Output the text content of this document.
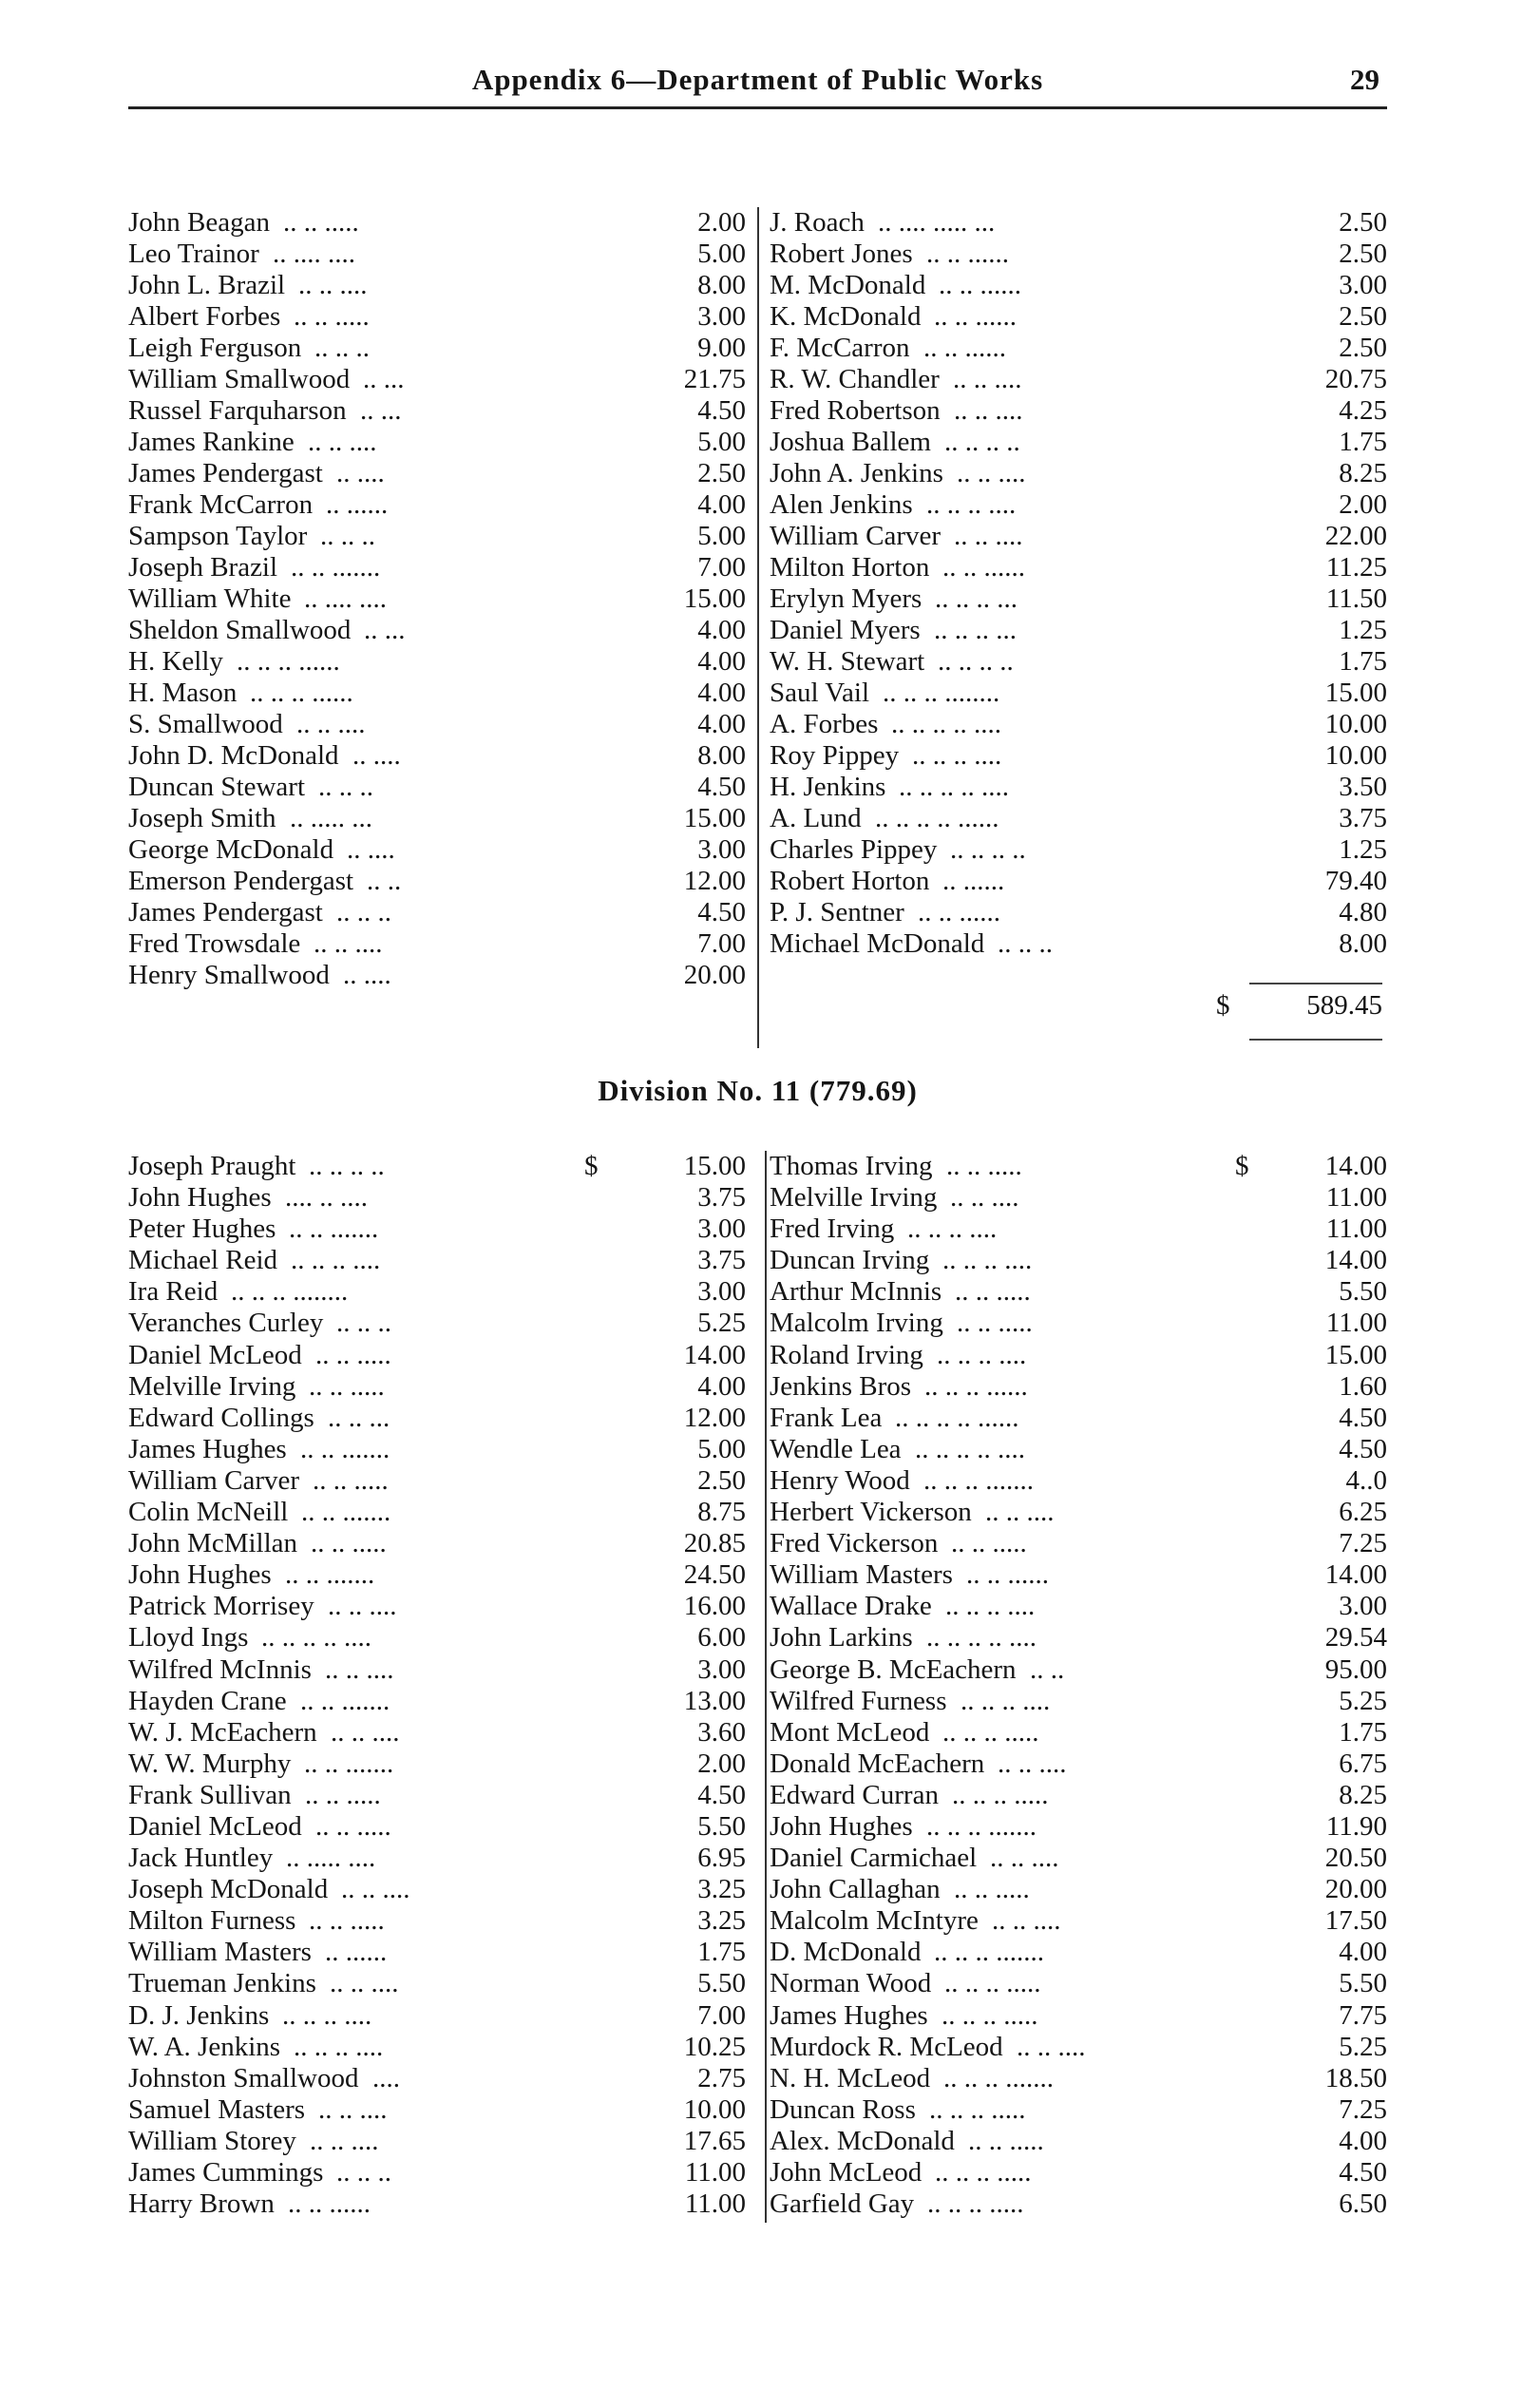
Appendix 6—Department of Public Works	29
John Beagan .. .. .....	2.00
Leo Trainor .. .... ....	5.00
John L. Brazil .. .. ....	8.00
Albert Forbes .. .. .....	3.00
Leigh Ferguson .. .. ..	9.00
William Smallwood .. ...	21.75
Russel Farquharson .. ...	4.50
James Rankine .. .. ....	5.00
James Pendergast .. ....	2.50
Frank McCarron .. ......	4.00
Sampson Taylor .. .. ..	5.00
Joseph Brazil .. .. .......	7.00
William White .. .... ....	15.00
Sheldon Smallwood .. ...	4.00
H. Kelly .. .. .. ......	4.00
H. Mason .. .. .. ......	4.00
S. Smallwood .. .. ....	4.00
John D. McDonald .. ....	8.00
Duncan Stewart .. .. ..	4.50
Joseph Smith .. ..... ...	15.00
George McDonald .. ....	3.00
Emerson Pendergast .. ..	12.00
James Pendergast .. .. ..	4.50
Fred Trowsdale .. .. ....	7.00
Henry Smallwood .. ....	20.00
J. Roach .. .... ..... ...	2.50
Robert Jones .. .. ......	2.50
M. McDonald .. .. ......	3.00
K. McDonald .. .. ......	2.50
F. McCarron .. .. ......	2.50
R. W. Chandler .. .. ....	20.75
Fred Robertson .. .. ....	4.25
Joshua Ballem .. .. .. ..	1.75
John A. Jenkins .. .. ....	8.25
Alen Jenkins .. .. .. ....	2.00
William Carver .. .. ....	22.00
Milton Horton .. .. ......	11.25
Erylyn Myers .. .. .. ...	11.50
Daniel Myers .. .. .. ...	1.25
W. H. Stewart .. .. .. ..	1.75
Saul Vail .. .. .. ........	15.00
A. Forbes .. .. .. .. ....	10.00
Roy Pippey .. .. .. ....	10.00
H. Jenkins .. .. .. .. ....	3.50
A. Lund .. .. .. .. ......	3.75
Charles Pippey .. .. .. ..	1.25
Robert Horton .. ......	79.40
P. J. Sentner .. .. ......	4.80
Michael McDonald .. .. ..	8.00
$	589.45
Division No. 11 (779.69)
Joseph Praught .. .. .. ..	$	15.00
John Hughes .... .. ....	3.75
Peter Hughes .. .. .......	3.00
Michael Reid .. .. .. ....	3.75
Ira Reid .. .. .. ........	3.00
Veranches Curley .. .. ..	5.25
Daniel McLeod .. .. .....	14.00
Melville Irving .. .. .....	4.00
Edward Collings .. .. ...	12.00
James Hughes .. .. .......	5.00
William Carver .. .. .....	2.50
Colin McNeill .. .. .......	8.75
John McMillan .. .. .....	20.85
John Hughes .. .. .......	24.50
Patrick Morrisey .. .. ....	16.00
Lloyd Ings .. .. .. .. ....	6.00
Wilfred McInnis .. .. ....	3.00
Hayden Crane .. .. .......	13.00
W. J. McEachern .. .. ....	3.60
W. W. Murphy .. .. .......	2.00
Frank Sullivan .. .. .....	4.50
Daniel McLeod .. .. .....	5.50
Jack Huntley .. ..... ....	6.95
Joseph McDonald .. .. ....	3.25
Milton Furness .. .. .....	3.25
William Masters .. ......	1.75
Trueman Jenkins .. .. ....	5.50
D. J. Jenkins .. .. .. ....	7.00
W. A. Jenkins .. .. .. ....	10.25
Johnston Smallwood ....	2.75
Samuel Masters .. .. ....	10.00
William Storey .. .. ....	17.65
James Cummings .. .. ..	11.00
Harry Brown .. .. ......	11.00
Thomas Irving .. .. .....	$	14.00
Melville Irving .. .. ....	11.00
Fred Irving .. .. .. ....	11.00
Duncan Irving .. .. .. ....	14.00
Arthur McInnis .. .. .....	5.50
Malcolm Irving .. .. .....	11.00
Roland Irving .. .. .. ....	15.00
Jenkins Bros .. .. .. ......	1.60
Frank Lea .. .. .. .. ......	4.50
Wendle Lea .. .. .. .. ....	4.50
Henry Wood .. .. .. .......	4..0
Herbert Vickerson .. .. ....	6.25
Fred Vickerson .. .. .....	7.25
William Masters .. .. ......	14.00
Wallace Drake .. .. .. ....	3.00
John Larkins .. .. .. .. ....	29.54
George B. McEachern .. ..	95.00
Wilfred Furness .. .. .. ....	5.25
Mont McLeod .. .. .. .....	1.75
Donald McEachern .. .. ....	6.75
Edward Curran .. .. .. .....	8.25
John Hughes .. .. .. .......	11.90
Daniel Carmichael .. .. ....	20.50
John Callaghan .. .. .....	20.00
Malcolm McIntyre .. .. ....	17.50
D. McDonald .. .. .. .......	4.00
Norman Wood .. .. .. .....	5.50
James Hughes .. .. .. .....	7.75
Murdock R. McLeod .. .. ....	5.25
N. H. McLeod .. .. .. .......	18.50
Duncan Ross .. .. .. .....	7.25
Alex. McDonald .. .. .....	4.00
John McLeod .. .. .. .....	4.50
Garfield Gay .. .. .. .....	6.50
